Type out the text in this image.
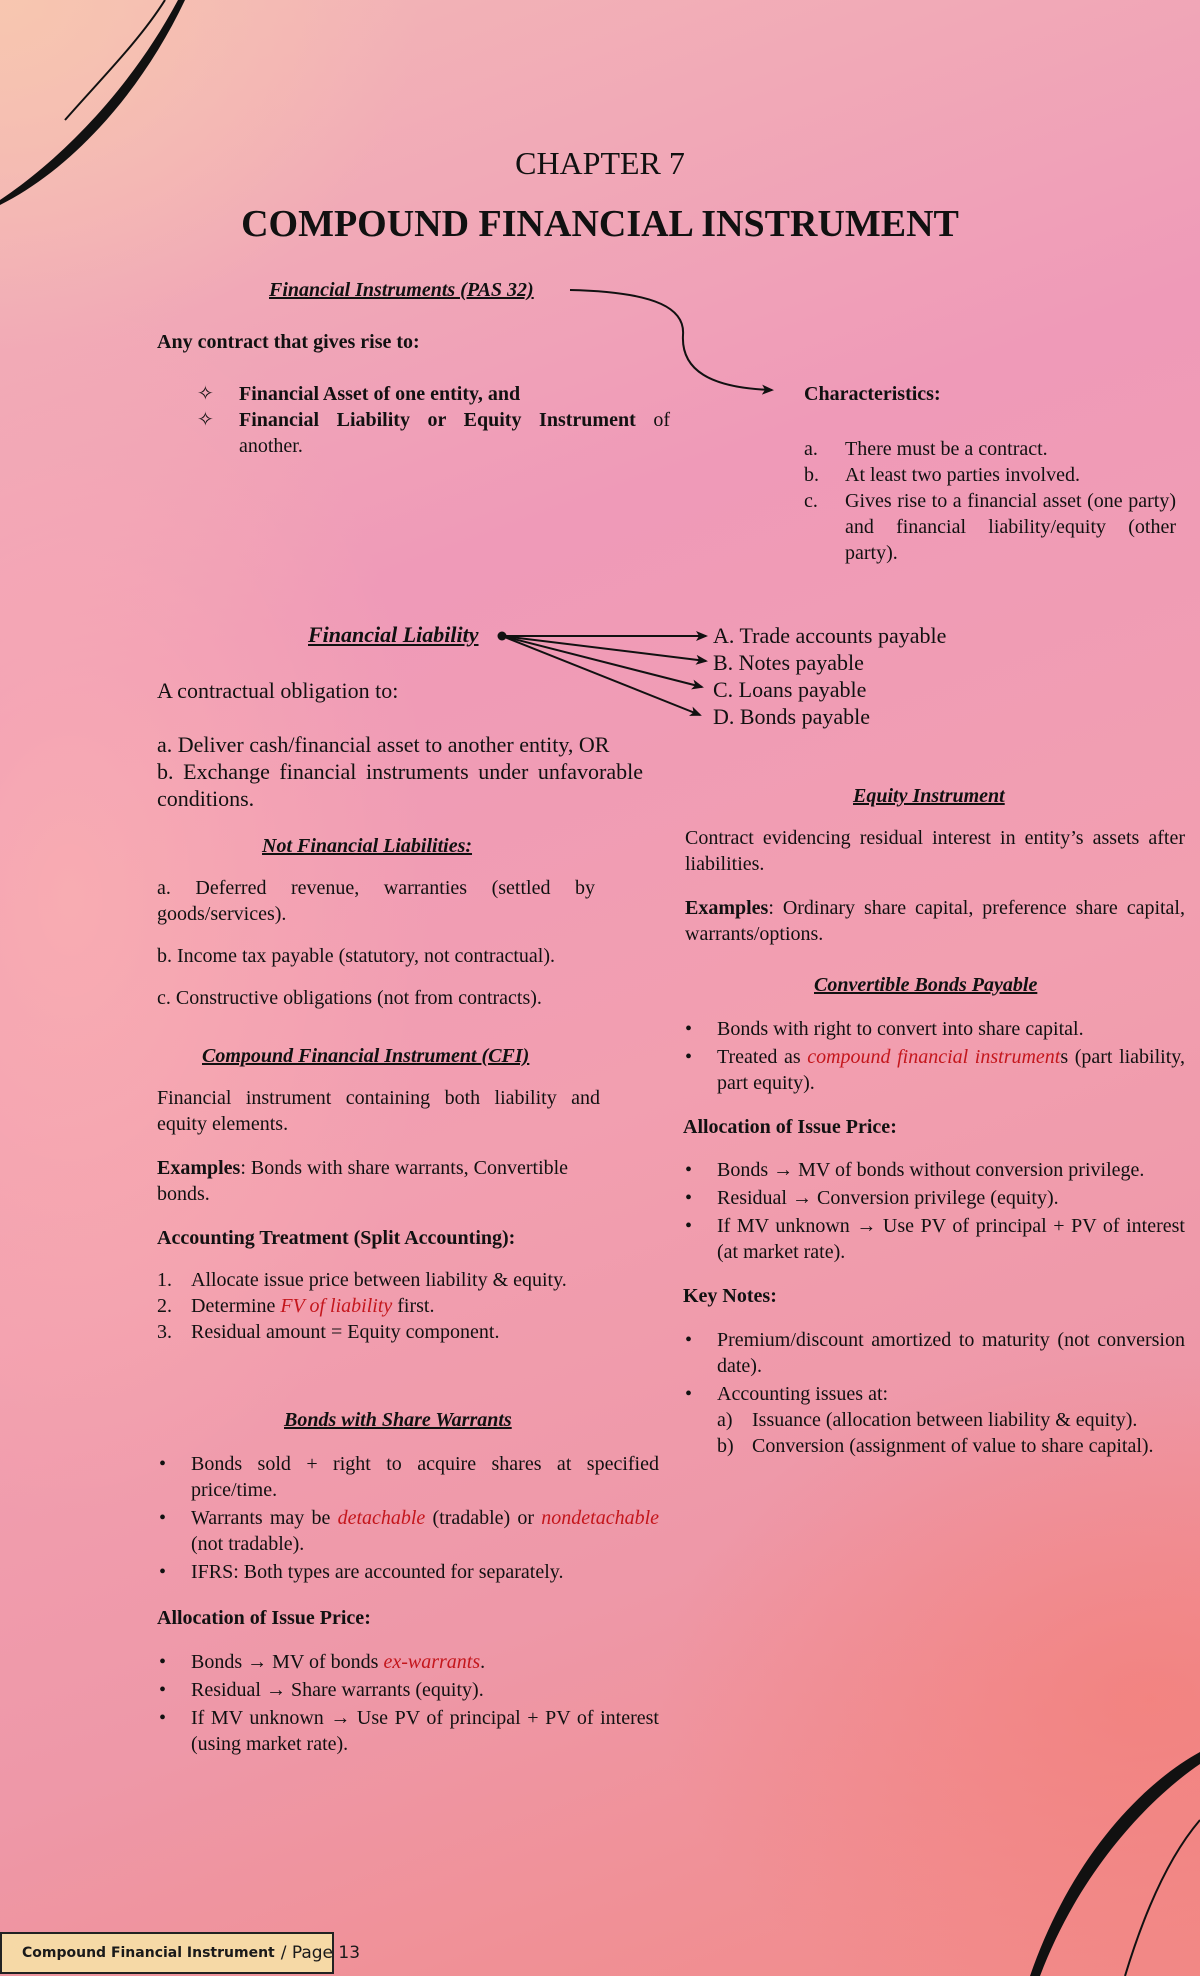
CHAPTER 7
COMPOUND FINANCIAL INSTRUMENT
Financial Instruments (PAS 32)
Any contract that gives rise to:
✧ Financial Asset of one entity, and
✧ Financial Liability or Equity Instrument of another.
Characteristics:
a. There must be a contract.
b. At least two parties involved.
c. Gives rise to a financial asset (one party) and financial liability/equity (other party).
Financial Liability
A contractual obligation to:
a. Deliver cash/financial asset to another entity, OR
b. Exchange financial instruments under unfavorable conditions.
A. Trade accounts payable
B. Notes payable
C. Loans payable
D. Bonds payable
Not Financial Liabilities:
a. Deferred revenue, warranties (settled by goods/services).
b. Income tax payable (statutory, not contractual).
c. Constructive obligations (not from contracts).
Compound Financial Instrument (CFI)
Financial instrument containing both liability and equity elements.
Examples: Bonds with share warrants, Convertible bonds.
Accounting Treatment (Split Accounting):
1. Allocate issue price between liability & equity.
2. Determine FV of liability first.
3. Residual amount = Equity component.
Bonds with Share Warrants
• Bonds sold + right to acquire shares at specified price/time.
• Warrants may be detachable (tradable) or nondetachable (not tradable).
• IFRS: Both types are accounted for separately.
Allocation of Issue Price:
• Bonds → MV of bonds ex-warrants.
• Residual → Share warrants (equity).
• If MV unknown → Use PV of principal + PV of interest (using market rate).
Equity Instrument
Contract evidencing residual interest in entity’s assets after liabilities.
Examples: Ordinary share capital, preference share capital, warrants/options.
Convertible Bonds Payable
• Bonds with right to convert into share capital.
• Treated as compound financial instruments (part liability, part equity).
Allocation of Issue Price:
• Bonds → MV of bonds without conversion privilege.
• Residual → Conversion privilege (equity).
• If MV unknown → Use PV of principal + PV of interest (at market rate).
Key Notes:
• Premium/discount amortized to maturity (not conversion date).
• Accounting issues at:
a) Issuance (allocation between liability & equity).
b) Conversion (assignment of value to share capital).
Compound Financial Instrument / Page 13
